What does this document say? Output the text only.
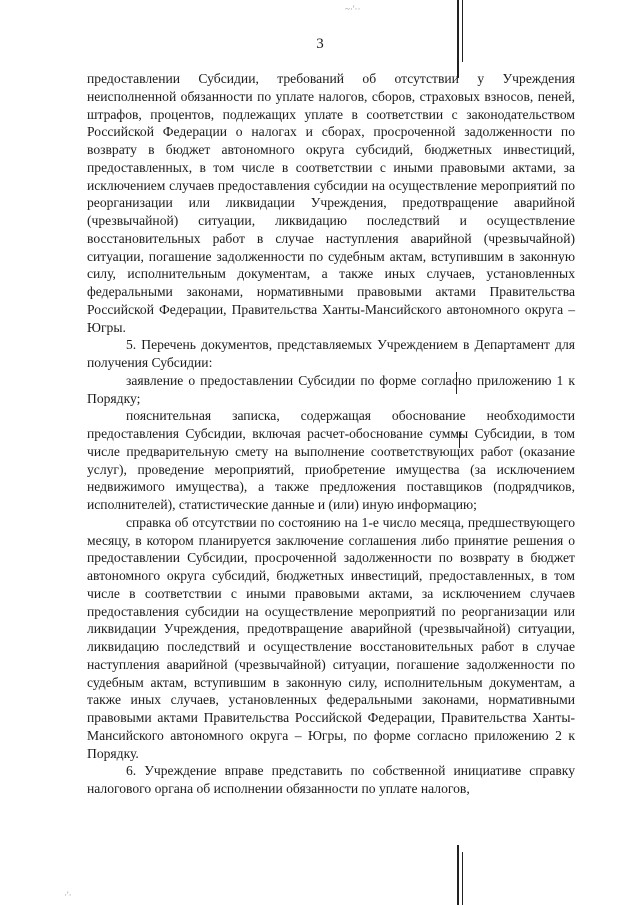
~·'··
·'·
3

предоставлении Субсидии, требований об отсутствии у Учреждения неисполненной обязанности по уплате налогов, сборов, страховых взносов, пеней, штрафов, процентов, подлежащих уплате в соответствии с законодательством Российской Федерации о налогах и сборах, просроченной задолженности по возврату в бюджет автономного округа субсидий, бюджетных инвестиций, предоставленных, в том числе в соответствии с иными правовыми актами, за исключением случаев предоставления субсидии на осуществление мероприятий по реорганизации или ликвидации Учреждения, предотвращение аварийной (чрезвычайной) ситуации, ликвидацию последствий и осуществление восстановительных работ в случае наступления аварийной (чрезвычайной) ситуации, погашение задолженности по судебным актам, вступившим в законную силу, исполнительным документам, а также иных случаев, установленных федеральными законами, нормативными правовыми актами Правительства Российской Федерации, Правительства Ханты-Мансийского автономного округа – Югры.

5. Перечень документов, представляемых Учреждением в Департамент для получения Субсидии:

заявление о предоставлении Субсидии по форме согласно приложению 1 к Порядку;

пояснительная записка, содержащая обоснование необходимости предоставления Субсидии, включая расчет-обоснование суммы Субсидии, в том числе предварительную смету на выполнение соответствующих работ (оказание услуг), проведение мероприятий, приобретение имущества (за исключением недвижимого имущества), а также предложения поставщиков (подрядчиков, исполнителей), статистические данные и (или) иную информацию;

справка об отсутствии по состоянию на 1-е число месяца, предшествующего месяцу, в котором планируется заключение соглашения либо принятие решения о предоставлении Субсидии, просроченной задолженности по возврату в бюджет автономного округа субсидий, бюджетных инвестиций, предоставленных, в том числе в соответствии с иными правовыми актами, за исключением случаев предоставления субсидии на осуществление мероприятий по реорганизации или ликвидации Учреждения, предотвращение аварийной (чрезвычайной) ситуации, ликвидацию последствий и осуществление восстановительных работ в случае наступления аварийной (чрезвычайной) ситуации, погашение задолженности по судебным актам, вступившим в законную силу, исполнительным документам, а также иных случаев, установленных федеральными законами, нормативными правовыми актами Правительства Российской Федерации, Правительства Ханты-Мансийского автономного округа – Югры, по форме согласно приложению 2 к Порядку.

6. Учреждение вправе представить по собственной инициативе справку налогового органа об исполнении обязанности по уплате налогов,
